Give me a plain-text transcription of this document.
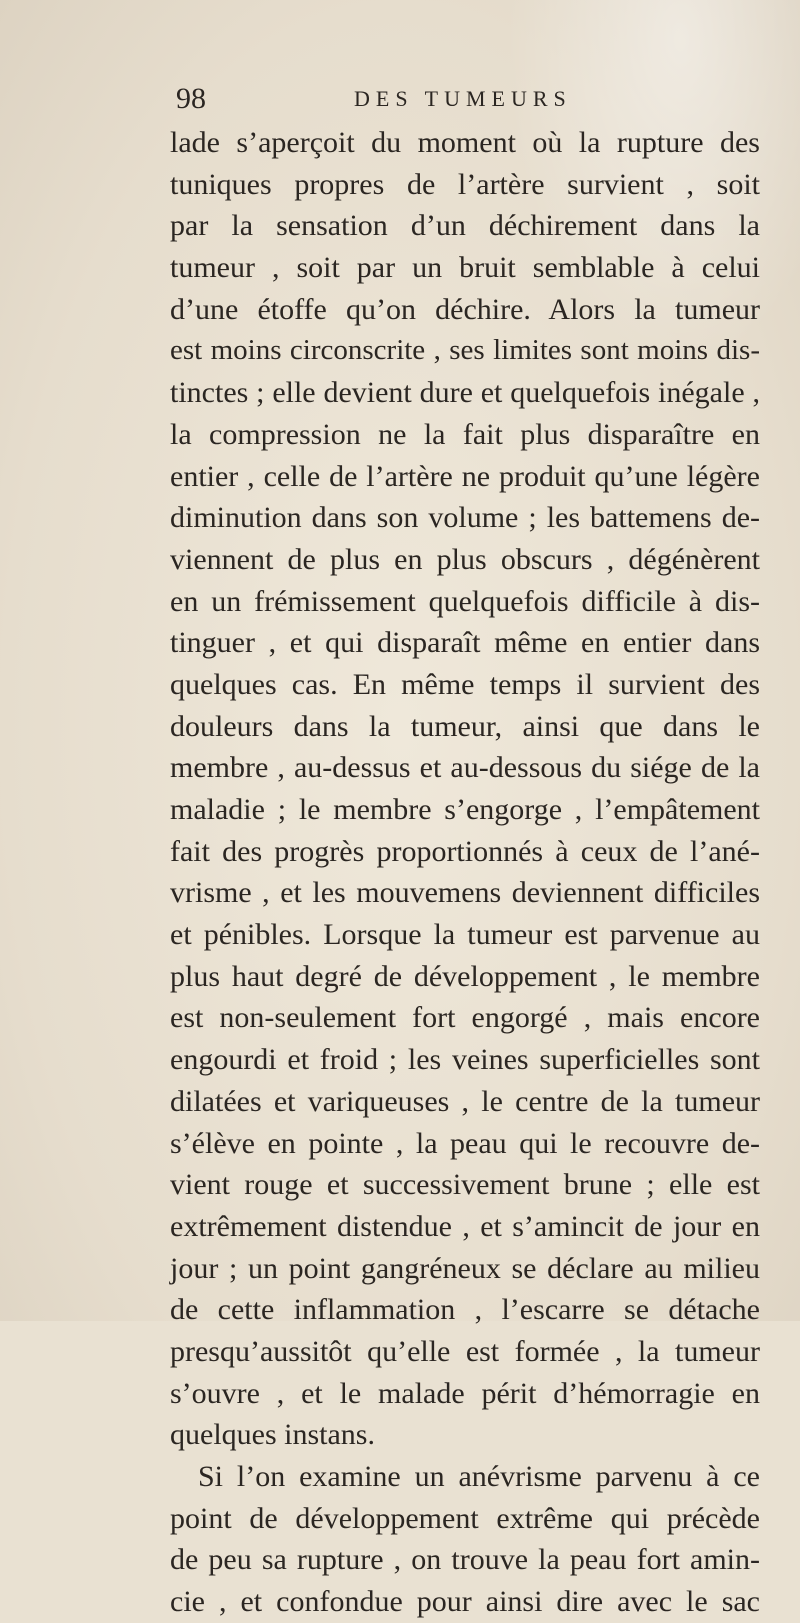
98	DES TUMEURS
lade s’aperçoit du moment où la rupture des
tuniques propres de l’artère survient , soit
par la sensation d’un déchirement dans la
tumeur , soit par un bruit semblable à celui
d’une étoffe qu’on déchire. Alors la tumeur
est moins circonscrite , ses limites sont moins dis-
tinctes ; elle devient dure et quelquefois inégale ,
la compression ne la fait plus disparaître en
entier , celle de l’artère ne produit qu’une légère
diminution dans son volume ; les battemens de-
viennent de plus en plus obscurs , dégénèrent
en un frémissement quelquefois difficile à dis-
tinguer , et qui disparaît même en entier dans
quelques cas. En même temps il survient des
douleurs dans la tumeur, ainsi que dans le
membre , au-dessus et au-dessous du siége de la
maladie ; le membre s’engorge , l’empâtement
fait des progrès proportionnés à ceux de l’ané-
vrisme , et les mouvemens deviennent difficiles
et pénibles. Lorsque la tumeur est parvenue au
plus haut degré de développement , le membre
est non-seulement fort engorgé , mais encore
engourdi et froid ; les veines superficielles sont
dilatées et variqueuses , le centre de la tumeur
s’élève en pointe , la peau qui le recouvre de-
vient rouge et successivement brune ; elle est
extrêmement distendue , et s’amincit de jour en
jour ; un point gangréneux se déclare au milieu
de cette inflammation , l’escarre se détache
presqu’aussitôt qu’elle est formée , la tumeur
s’ouvre , et le malade périt d’hémorragie en
quelques instans.
Si l’on examine un anévrisme parvenu à ce
point de développement extrême qui précède
de peu sa rupture , on trouve la peau fort amin-
cie , et confondue pour ainsi dire avec le sac
